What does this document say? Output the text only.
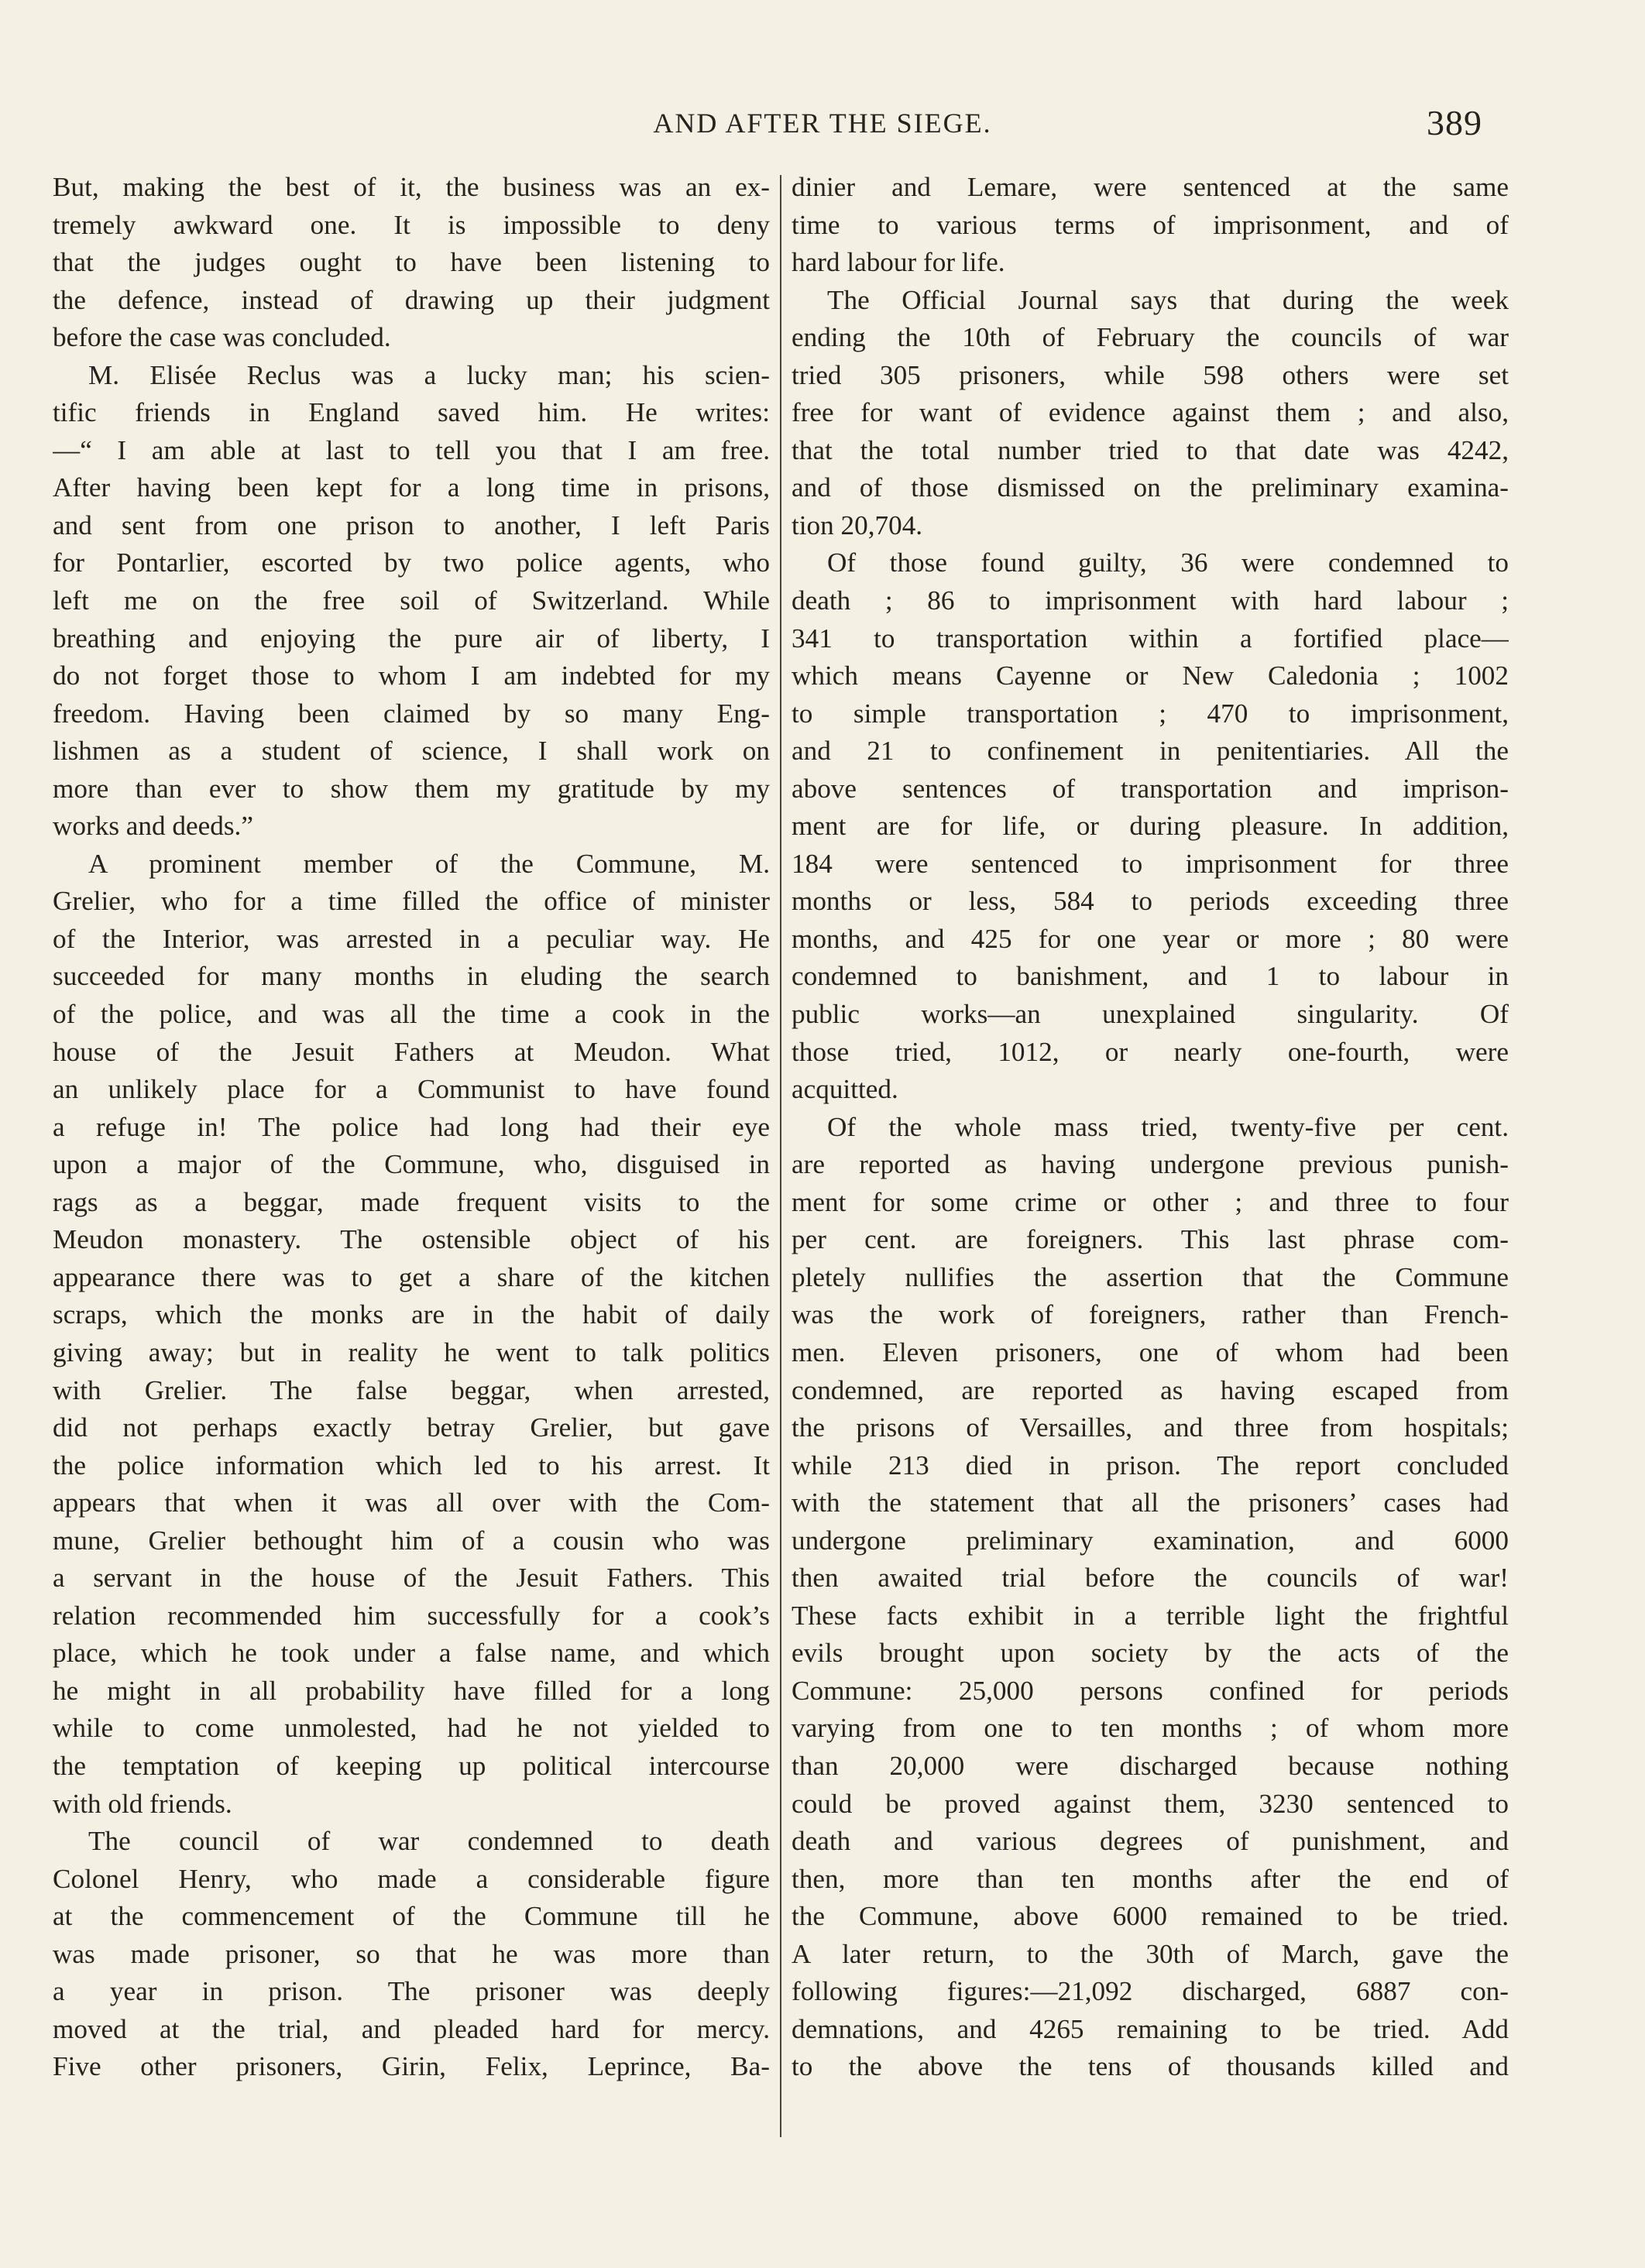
AND AFTER THE SIEGE.	389
But, making the best of it, the business was an ex-
tremely awkward one. It is impossible to deny
that the judges ought to have been listening to
the defence, instead of drawing up their judgment
before the case was concluded.
M. Elisée Reclus was a lucky man; his scien-
tific friends in England saved him. He writes:
—“ I am able at last to tell you that I am free.
After having been kept for a long time in prisons,
and sent from one prison to another, I left Paris
for Pontarlier, escorted by two police agents, who
left me on the free soil of Switzerland. While
breathing and enjoying the pure air of liberty, I
do not forget those to whom I am indebted for my
freedom. Having been claimed by so many Eng-
lishmen as a student of science, I shall work on
more than ever to show them my gratitude by my
works and deeds.”
A prominent member of the Commune, M.
Grelier, who for a time filled the office of minister
of the Interior, was arrested in a peculiar way. He
succeeded for many months in eluding the search
of the police, and was all the time a cook in the
house of the Jesuit Fathers at Meudon. What
an unlikely place for a Communist to have found
a refuge in! The police had long had their eye
upon a major of the Commune, who, disguised in
rags as a beggar, made frequent visits to the
Meudon monastery. The ostensible object of his
appearance there was to get a share of the kitchen
scraps, which the monks are in the habit of daily
giving away; but in reality he went to talk politics
with Grelier. The false beggar, when arrested,
did not perhaps exactly betray Grelier, but gave
the police information which led to his arrest. It
appears that when it was all over with the Com-
mune, Grelier bethought him of a cousin who was
a servant in the house of the Jesuit Fathers. This
relation recommended him successfully for a cook’s
place, which he took under a false name, and which
he might in all probability have filled for a long
while to come unmolested, had he not yielded to
the temptation of keeping up political intercourse
with old friends.
The council of war condemned to death
Colonel Henry, who made a considerable figure
at the commencement of the Commune till he
was made prisoner, so that he was more than
a year in prison. The prisoner was deeply
moved at the trial, and pleaded hard for mercy.
Five other prisoners, Girin, Felix, Leprince, Ba-
dinier and Lemare, were sentenced at the same
time to various terms of imprisonment, and of
hard labour for life.
The Official Journal says that during the week
ending the 10th of February the councils of war
tried 305 prisoners, while 598 others were set
free for want of evidence against them ; and also,
that the total number tried to that date was 4242,
and of those dismissed on the preliminary examina-
tion 20,704.
Of those found guilty, 36 were condemned to
death ; 86 to imprisonment with hard labour ;
341 to transportation within a fortified place—
which means Cayenne or New Caledonia ; 1002
to simple transportation ; 470 to imprisonment,
and 21 to confinement in penitentiaries. All the
above sentences of transportation and imprison-
ment are for life, or during pleasure. In addition,
184 were sentenced to imprisonment for three
months or less, 584 to periods exceeding three
months, and 425 for one year or more ; 80 were
condemned to banishment, and 1 to labour in
public works—an unexplained singularity. Of
those tried, 1012, or nearly one-fourth, were
acquitted.
Of the whole mass tried, twenty-five per cent.
are reported as having undergone previous punish-
ment for some crime or other ; and three to four
per cent. are foreigners. This last phrase com-
pletely nullifies the assertion that the Commune
was the work of foreigners, rather than French-
men. Eleven prisoners, one of whom had been
condemned, are reported as having escaped from
the prisons of Versailles, and three from hospitals;
while 213 died in prison. The report concluded
with the statement that all the prisoners’ cases had
undergone preliminary examination, and 6000
then awaited trial before the councils of war!
These facts exhibit in a terrible light the frightful
evils brought upon society by the acts of the
Commune: 25,000 persons confined for periods
varying from one to ten months ; of whom more
than 20,000 were discharged because nothing
could be proved against them, 3230 sentenced to
death and various degrees of punishment, and
then, more than ten months after the end of
the Commune, above 6000 remained to be tried.
A later return, to the 30th of March, gave the
following figures:—21,092 discharged, 6887 con-
demnations, and 4265 remaining to be tried. Add
to the above the tens of thousands killed and
